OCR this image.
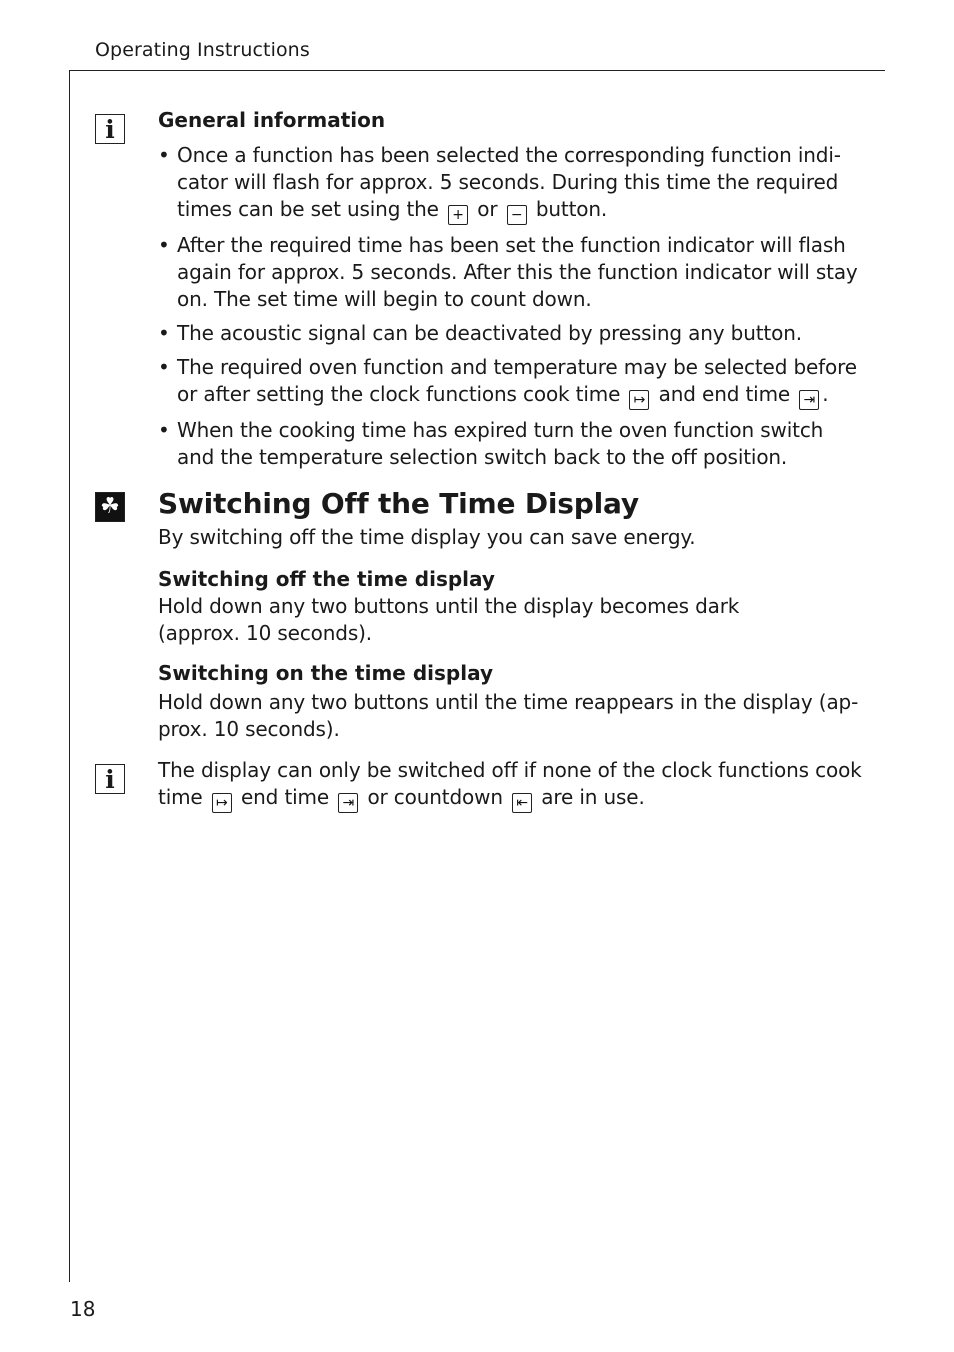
Operating Instructions
i General information
• Once a function has been selected the corresponding function indi-cator will flash for approx. 5 seconds. During this time the required times can be set using the + or − button.
• After the required time has been set the function indicator will flash again for approx. 5 seconds. After this the function indicator will stay on. The set time will begin to count down.
• The acoustic signal can be deactivated by pressing any button.
• The required oven function and temperature may be selected before or after setting the clock functions cook time ↦ and end time ⇥ .
• When the cooking time has expired turn the oven function switch and the temperature selection switch back to the off position.
☘ Switching Off the Time Display

By switching off the time display you can save energy.

Switching off the time display

Hold down any two buttons until the display becomes dark

(approx. 10 seconds).

Switching on the time display

Hold down any two buttons until the time reappears in the display (ap-

prox. 10 seconds).

i The display can only be switched off if none of the clock functions cook time ↦ end time ⇥ or countdown ⇤ are in use.

18
